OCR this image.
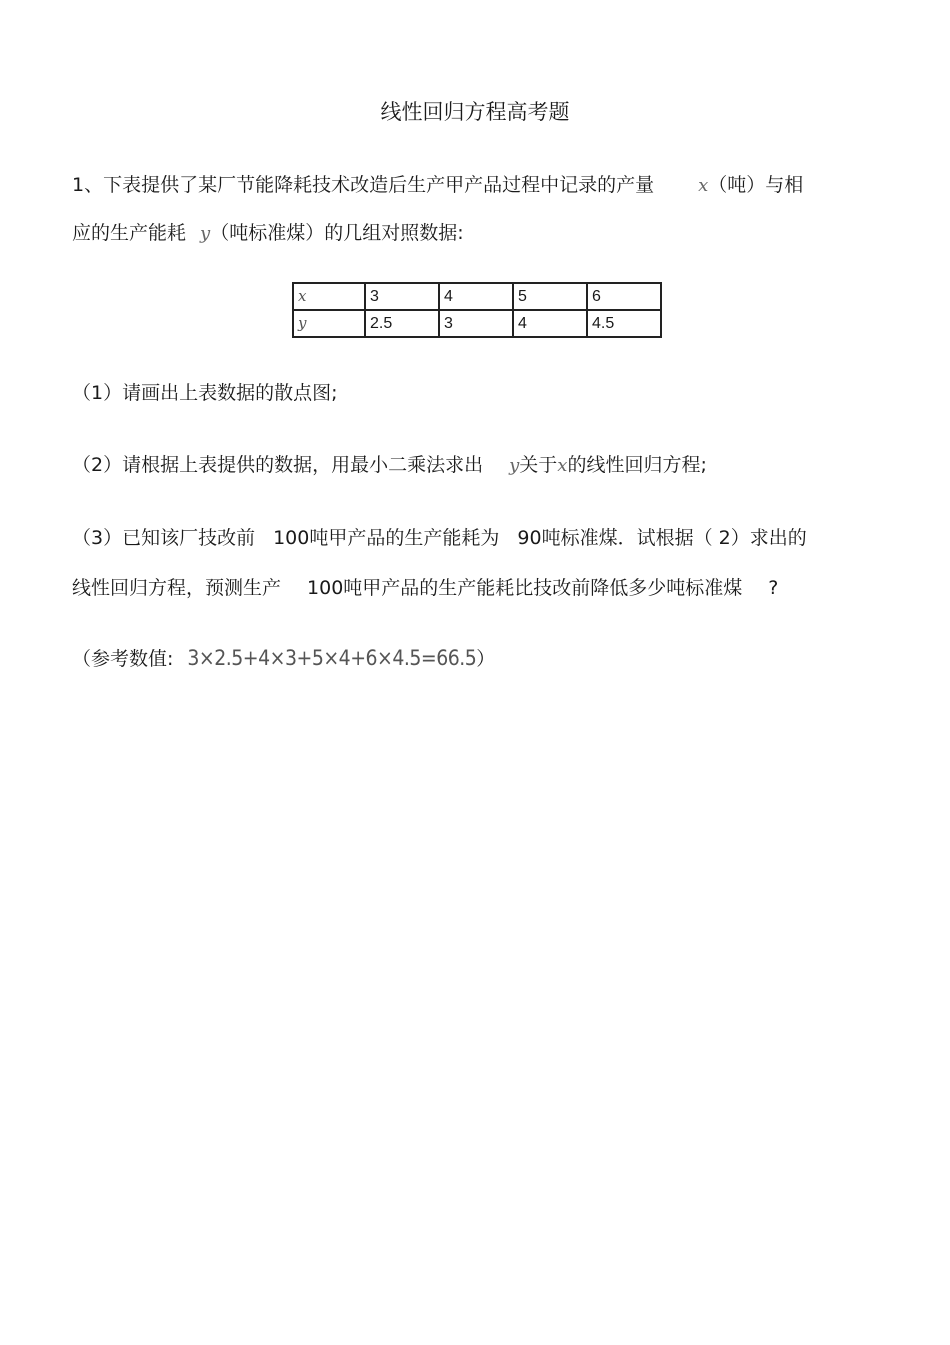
线性回归方程高考题
1、下表提供了某厂节能降耗技术改造后生产甲产品过程中记录的产量 x（吨）与相
应的生产能耗 y（吨标准煤）的几组对照数据:
x	3	4	5	6
y	2.5	3	4	4.5
（1）请画出上表数据的散点图;
（2）请根据上表提供的数据，用最小二乘法求出 y关于x的线性回归方程;
（3）已知该厂技改前 100吨甲产品的生产能耗为 90吨标准煤．试根据（ 2）求出的
线性回归方程，预测生产 100吨甲产品的生产能耗比技改前降低多少吨标准煤 ?
（参考数值: 3×2.5+4×3+5×4+6×4.5=66.5）
